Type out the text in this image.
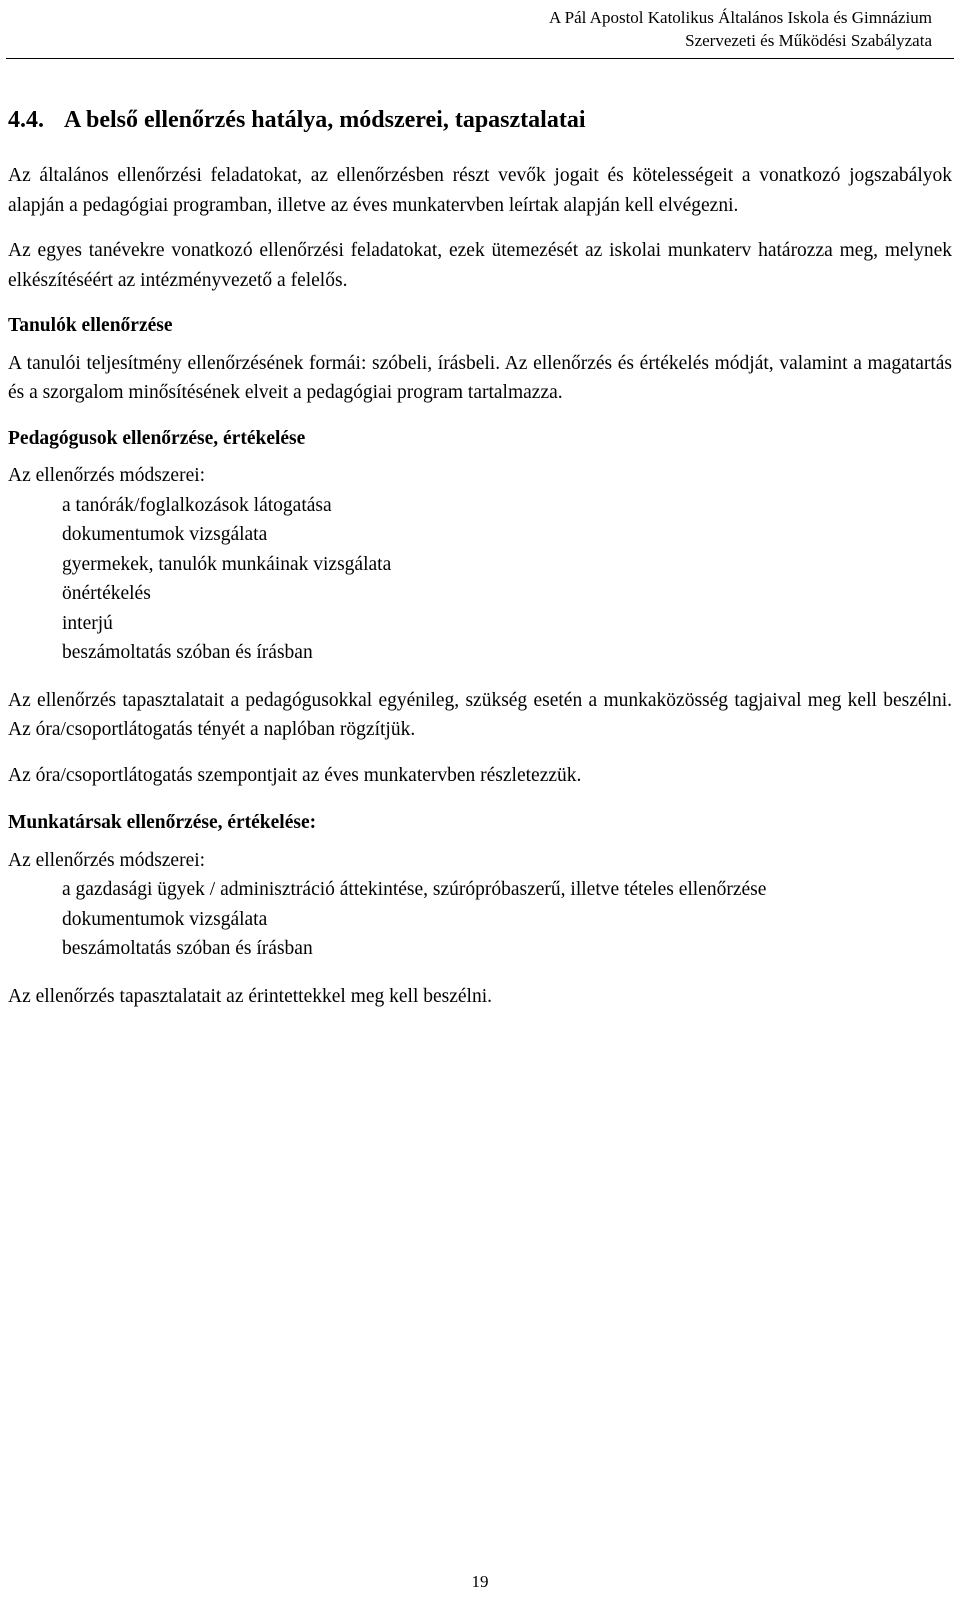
A Pál Apostol Katolikus Általános Iskola és Gimnázium
Szervezeti és Működési Szabályzata
4.4. A belső ellenőrzés hatálya, módszerei, tapasztalatai

Az általános ellenőrzési feladatokat, az ellenőrzésben részt vevők jogait és kötelességeit a vonatkozó jogszabályok alapján a pedagógiai programban, illetve az éves munkatervben leírtak alapján kell elvégezni.

Az egyes tanévekre vonatkozó ellenőrzési feladatokat, ezek ütemezését az iskolai munkaterv határozza meg, melynek elkészítéséért az intézményvezető a felelős.

Tanulók ellenőrzése

A tanulói teljesítmény ellenőrzésének formái: szóbeli, írásbeli. Az ellenőrzés és értékelés módját, valamint a magatartás és a szorgalom minősítésének elveit a pedagógiai program tartalmazza.

Pedagógusok ellenőrzése, értékelése

Az ellenőrzés módszerei:

a tanórák/foglalkozások látogatása
dokumentumok vizsgálata
gyermekek, tanulók munkáinak vizsgálata
önértékelés
interjú
beszámoltatás szóban és írásban

Az ellenőrzés tapasztalatait a pedagógusokkal egyénileg, szükség esetén a munkaközösség tagjaival meg kell beszélni. Az óra/csoportlátogatás tényét a naplóban rögzítjük.

Az óra/csoportlátogatás szempontjait az éves munkatervben részletezzük.

Munkatársak ellenőrzése, értékelése:

Az ellenőrzés módszerei:

a gazdasági ügyek / adminisztráció áttekintése, szúrópróbaszerű, illetve tételes ellenőrzése
dokumentumok vizsgálata
beszámoltatás szóban és írásban

Az ellenőrzés tapasztalatait az érintettekkel meg kell beszélni.

19
